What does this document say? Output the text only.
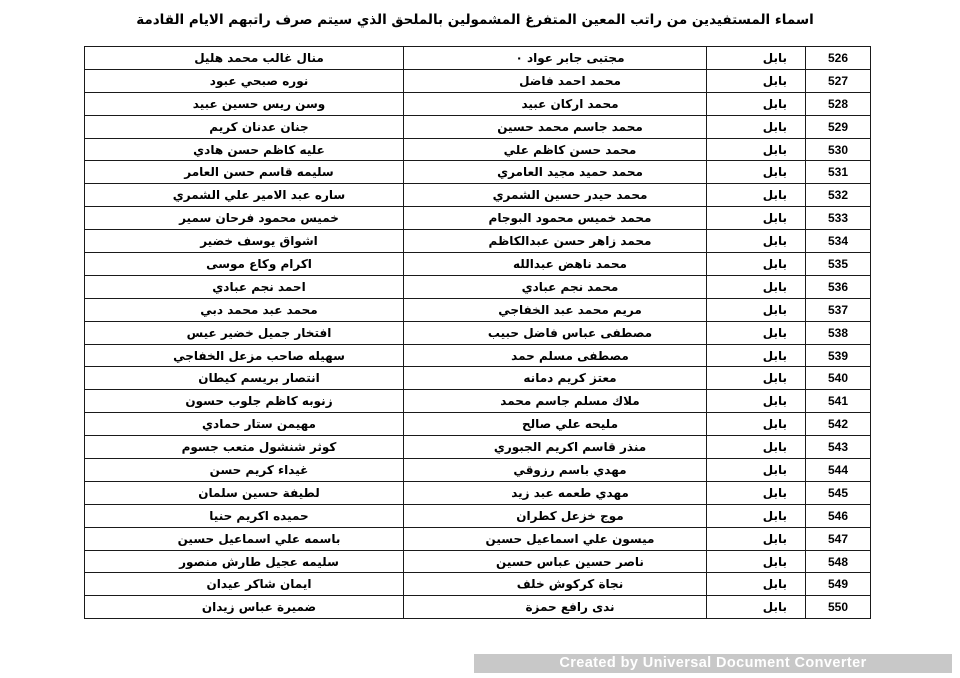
اسماء المستفيدين من راتب المعين المتفرغ المشمولين بالملحق الذي سيتم صرف راتبهم الايام القادمة
526	بابل	مجتبى جابر عواد ٠	منال غالب محمد هليل
527	بابل	محمد احمد فاضل	نوره صبحي عبود
528	بابل	محمد اركان عبيد	وسن ريس حسين عبيد
529	بابل	محمد جاسم محمد حسين	جنان عدنان كريم
530	بابل	محمد حسن كاظم علي	عليه كاظم حسن هادي
531	بابل	محمد حميد مجيد العامري	سليمه قاسم حسن العامر
532	بابل	محمد حيدر حسين الشمري	ساره عبد الامير علي الشمري
533	بابل	محمد خميس محمود البوجام	خميس محمود فرحان سمير
534	بابل	محمد زاهر حسن عبدالكاظم	اشواق يوسف خضير
535	بابل	محمد ناهض عبدالله	اكرام وكاع موسى
536	بابل	محمد نجم عبادي	احمد نجم عبادي
537	بابل	مريم محمد عبد الخفاجي	محمد عبد محمد دبي
538	بابل	مصطفى عباس فاضل حبيب	افتخار جميل خضير عيس
539	بابل	مصطفى مسلم حمد	سهيله صاحب مزعل الخفاجي
540	بابل	معتز كريم دمانه	انتصار بريسم كيطان
541	بابل	ملاك مسلم جاسم محمد	زنوبه كاظم جلوب حسون
542	بابل	مليحه علي صالح	مهيمن ستار حمادي
543	بابل	منذر قاسم اكريم الجبوري	كوثر شنشول متعب جسوم
544	بابل	مهدي باسم رزوقي	غيداء كريم حسن
545	بابل	مهدي طعمه عبد زيد	لطيفة حسين سلمان
546	بابل	موج خزعل كطران	حميده اكريم حنيا
547	بابل	ميسون علي اسماعيل حسين	باسمه علي اسماعيل حسين
548	بابل	ناصر حسين عباس حسين	سليمه عجيل طارش منصور
549	بابل	نجاة كركوش خلف	ايمان شاكر عيدان
550	بابل	ندى رافع حمزة	ضميرة عباس زيدان
Created by Universal Document Converter
